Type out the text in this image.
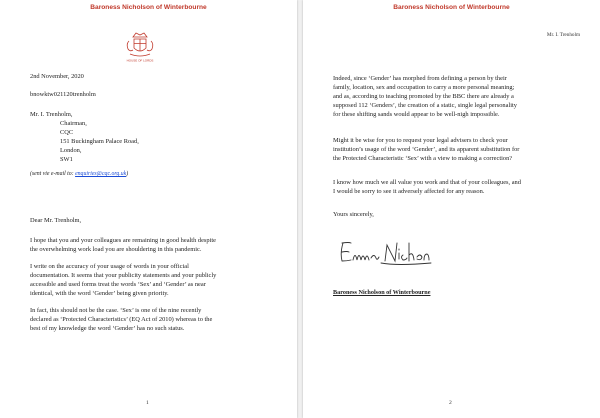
Baroness Nicholson of Winterbourne
HOUSE OF LORDS
2nd November, 2020
bnowktw021120trenholm
Mr. I. Trenholm,
Chairman,
CQC
151 Buckingham Palace Road,
London,
SW1
(sent vie e-mail to: enquiries@cqc.org.uk)
Dear Mr. Trenholm,
I hope that you and your colleagues are remaining in good health despite
the overwhelming work load you are shouldering in this pandemic.
I write on the accuracy of your usage of words in your official
documentation. It seems that your publicity statements and your publicly
accessible and used forms treat the words ‘Sex’ and ‘Gender’ as near
identical, with the word ‘Gender’ being given priority.
In fact, this should not be the case. ‘Sex’ is one of the nine recently
declared as ‘Protected Characteristics’ (EQ Act of 2010) whereas to the
best of my knowledge the word ‘Gender’ has no such status.
1
Baroness Nicholson of Winterbourne
Mr. I. Trenholm
Indeed, since ‘Gender’ has morphed from defining a person by their
family, location, sex and occupation to carry a more personal meaning;
and as, according to teaching promoted by the BBC there are already a
supposed 112 ‘Genders’, the creation of a static, single legal personality
for these shifting sands would appear to be well-nigh impossible.
Might it be wise for you to request your legal advisers to check your
institution’s usage of the word ‘Gender’, and its apparent substitution for
the Protected Characteristic ‘Sex’ with a view to making a correction?
I know how much we all value you work and that of your colleagues, and
I would be sorry to see it adversely affected for any reason.
Yours sincerely,
Baroness Nicholson of Winterbourne
2
